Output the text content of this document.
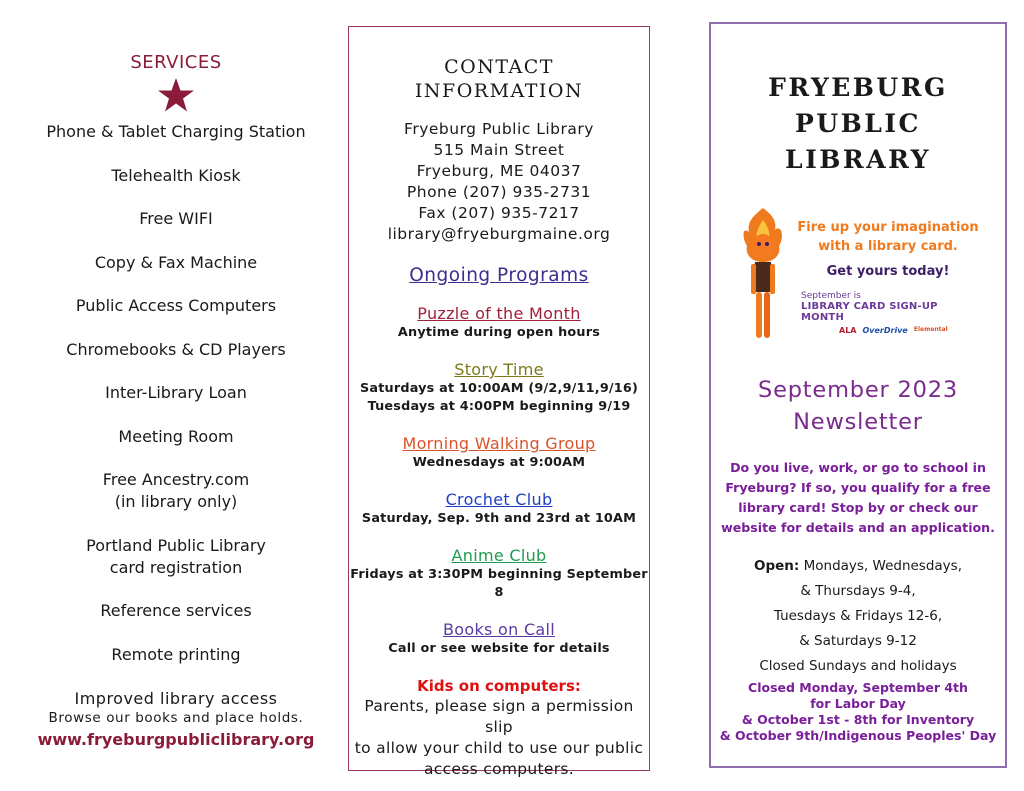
SERVICES
Phone & Tablet Charging Station
Telehealth Kiosk
Free WIFI
Copy & Fax Machine
Public Access Computers
Chromebooks & CD Players
Inter-Library Loan
Meeting Room
Free Ancestry.com
(in library only)
Portland Public Library
card registration
Reference services
Remote printing
Improved library access
Browse our books and place holds.
www.fryeburgpubliclibrary.org
CONTACT
INFORMATION
Fryeburg Public Library
515 Main Street
Fryeburg, ME 04037
Phone (207) 935-2731
Fax (207) 935-7217
library@fryeburgmaine.org
Ongoing Programs
Puzzle of the Month
Anytime during open hours
Story Time
Saturdays at 10:00AM (9/2,9/11,9/16)
Tuesdays at 4:00PM beginning 9/19
Morning Walking Group
Wednesdays at 9:00AM
Crochet Club
Saturday, Sep. 9th and 23rd at 10AM
Anime Club
Fridays at 3:30PM beginning September 8
Books on Call
Call or see website for details
Kids on computers:
Parents, please sign a permission slip
to allow your child to use our public
access computers.
FRYEBURG
PUBLIC
LIBRARY
Fire up your imagination
with a library card.
Get yours today!
September is
LIBRARY CARD SIGN-UP MONTH
ALA OverDrive Elemental
September 2023
Newsletter
Do you live, work, or go to school in
Fryeburg? If so, you qualify for a free
library card! Stop by or check our
website for details and an application.
Open: Mondays, Wednesdays,
& Thursdays 9-4,
Tuesdays & Fridays 12-6,
& Saturdays 9-12
Closed Sundays and holidays
Closed Monday, September 4th
for Labor Day
& October 1st - 8th for Inventory
& October 9th/Indigenous Peoples' Day
